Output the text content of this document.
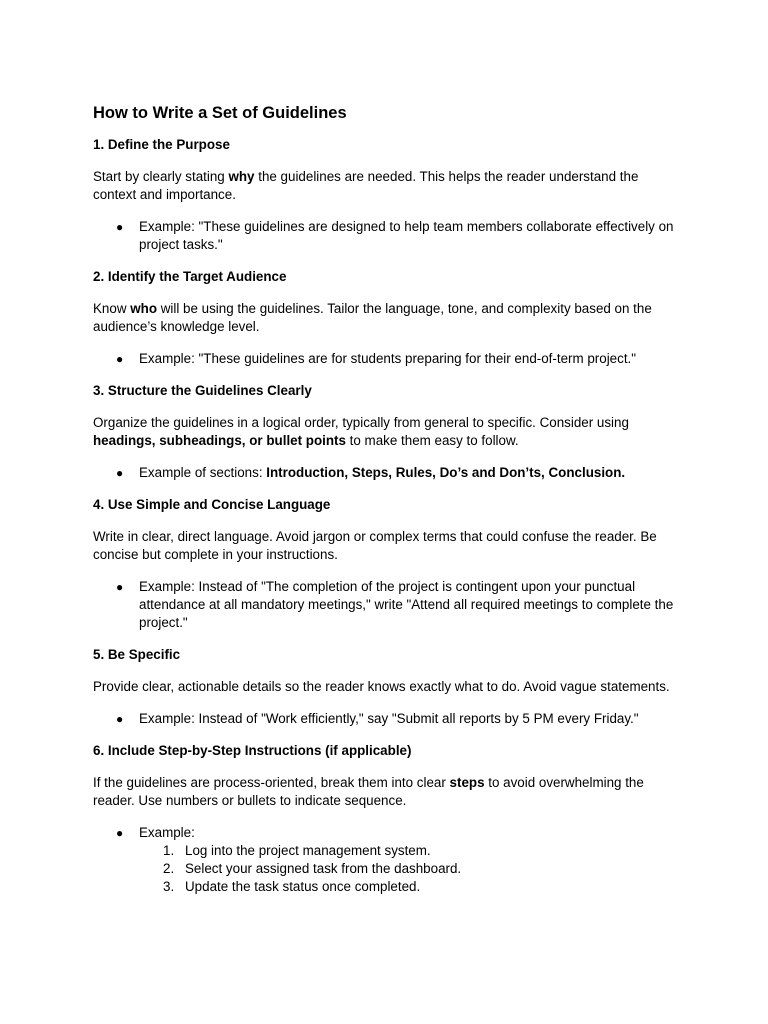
How to Write a Set of Guidelines
1. Define the Purpose

Start by clearly stating why the guidelines are needed. This helps the reader understand the context and importance.

● Example: "These guidelines are designed to help team members collaborate effectively on project tasks."
2. Identify the Target Audience

Know who will be using the guidelines. Tailor the language, tone, and complexity based on the audience’s knowledge level.

● Example: "These guidelines are for students preparing for their end-of-term project."
3. Structure the Guidelines Clearly

Organize the guidelines in a logical order, typically from general to specific. Consider using headings, subheadings, or bullet points to make them easy to follow.

● Example of sections: Introduction, Steps, Rules, Do’s and Don’ts, Conclusion.
4. Use Simple and Concise Language

Write in clear, direct language. Avoid jargon or complex terms that could confuse the reader. Be concise but complete in your instructions.

● Example: Instead of "The completion of the project is contingent upon your punctual attendance at all mandatory meetings," write "Attend all required meetings to complete the project."
5. Be Specific

Provide clear, actionable details so the reader knows exactly what to do. Avoid vague statements.

● Example: Instead of "Work efficiently," say "Submit all reports by 5 PM every Friday."
6. Include Step-by-Step Instructions (if applicable)

If the guidelines are process-oriented, break them into clear steps to avoid overwhelming the reader. Use numbers or bullets to indicate sequence.

● Example:
1. Log into the project management system.
2. Select your assigned task from the dashboard.
3. Update the task status once completed.
